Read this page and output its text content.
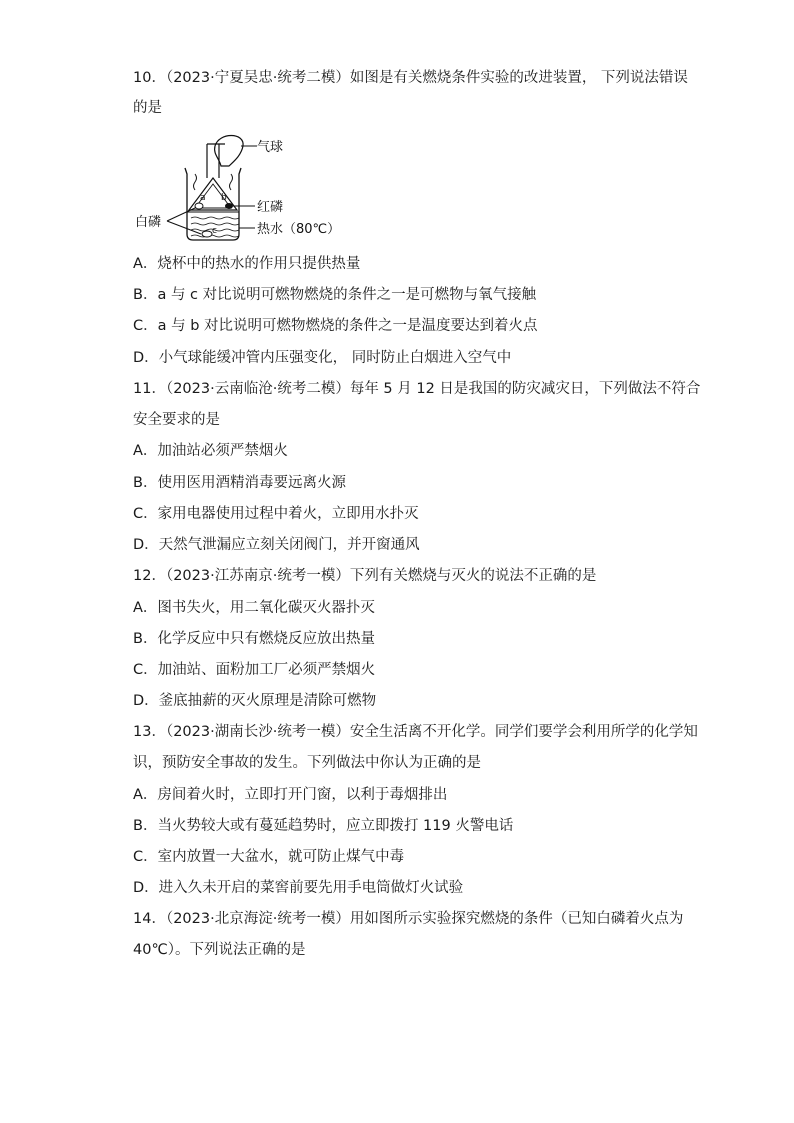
10．（2023·宁夏吴忠·统考二模）如图是有关燃烧条件实验的改进装置， 下列说法错误
的是
气球
a b
c
红磷
白磷	热水（80℃）
A．烧杯中的热水的作用只提供热量
B．a 与 c 对比说明可燃物燃烧的条件之一是可燃物与氧气接触
C．a 与 b 对比说明可燃物燃烧的条件之一是温度要达到着火点
D．小气球能缓冲管内压强变化， 同时防止白烟进入空气中
11．（2023·云南临沧·统考二模）每年 5 月 12 日是我国的防灾减灾日，下列做法不符合
安全要求的是
A．加油站必须严禁烟火
B．使用医用酒精消毒要远离火源
C．家用电器使用过程中着火，立即用水扑灭
D．天然气泄漏应立刻关闭阀门，并开窗通风
12．（2023·江苏南京·统考一模）下列有关燃烧与灭火的说法不正确的是
A．图书失火，用二氧化碳灭火器扑灭
B．化学反应中只有燃烧反应放出热量
C．加油站、面粉加工厂必须严禁烟火
D．釜底抽薪的灭火原理是清除可燃物
13．（2023·湖南长沙·统考一模）安全生活离不开化学。同学们要学会利用所学的化学知
识，预防安全事故的发生。下列做法中你认为正确的是
A．房间着火时，立即打开门窗，以利于毒烟排出
B．当火势较大或有蔓延趋势时，应立即拨打 119 火警电话
C．室内放置一大盆水，就可防止煤气中毒
D．进入久未开启的菜窖前要先用手电筒做灯火试验
14．（2023·北京海淀·统考一模）用如图所示实验探究燃烧的条件（已知白磷着火点为
40℃）。下列说法正确的是
